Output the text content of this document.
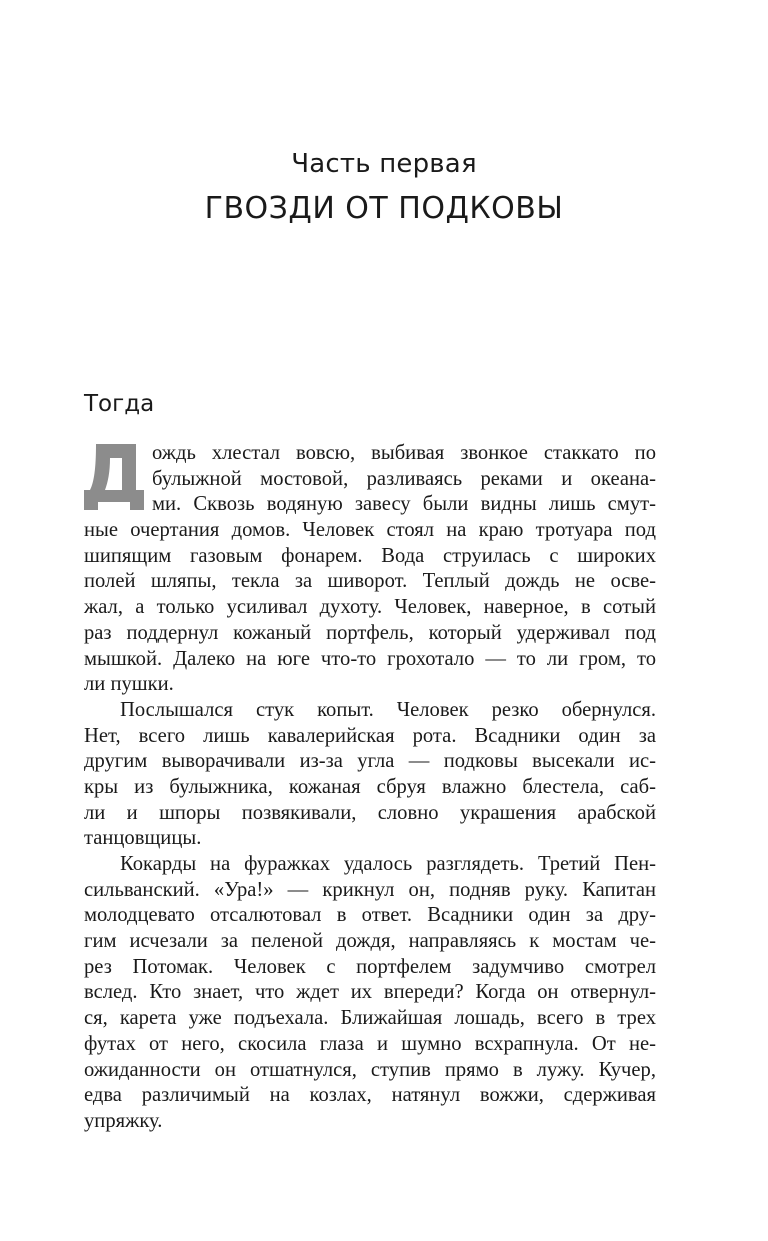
Часть первая
ГВОЗДИ ОТ ПОДКОВЫ
Тогда
ождь хлестал вовсю, выбивая звонкое стаккато по
булыжной мостовой, разливаясь реками и океана-
ми. Сквозь водяную завесу были видны лишь смут-
ные очертания домов. Человек стоял на краю тротуара под
шипящим газовым фонарем. Вода струилась с широких
полей шляпы, текла за шиворот. Теплый дождь не осве-
жал, а только усиливал духоту. Человек, наверное, в сотый
раз поддернул кожаный портфель, который удерживал под
мышкой. Далеко на юге что-то грохотало — то ли гром, то
ли пушки.
Послышался стук копыт. Человек резко обернулся.
Нет, всего лишь кавалерийская рота. Всадники один за
другим выворачивали из-за угла — подковы высекали ис-
кры из булыжника, кожаная сбруя влажно блестела, саб-
ли и шпоры позвякивали, словно украшения арабской
танцовщицы.
Кокарды на фуражках удалось разглядеть. Третий Пен-
сильванский. «Ура!» — крикнул он, подняв руку. Капитан
молодцевато отсалютовал в ответ. Всадники один за дру-
гим исчезали за пеленой дождя, направляясь к мостам че-
рез Потомак. Человек с портфелем задумчиво смотрел
вслед. Кто знает, что ждет их впереди? Когда он отвернул-
ся, карета уже подъехала. Ближайшая лошадь, всего в трех
футах от него, скосила глаза и шумно всхрапнула. От не-
ожиданности он отшатнулся, ступив прямо в лужу. Кучер,
едва различимый на козлах, натянул вожжи, сдерживая
упряжку.
